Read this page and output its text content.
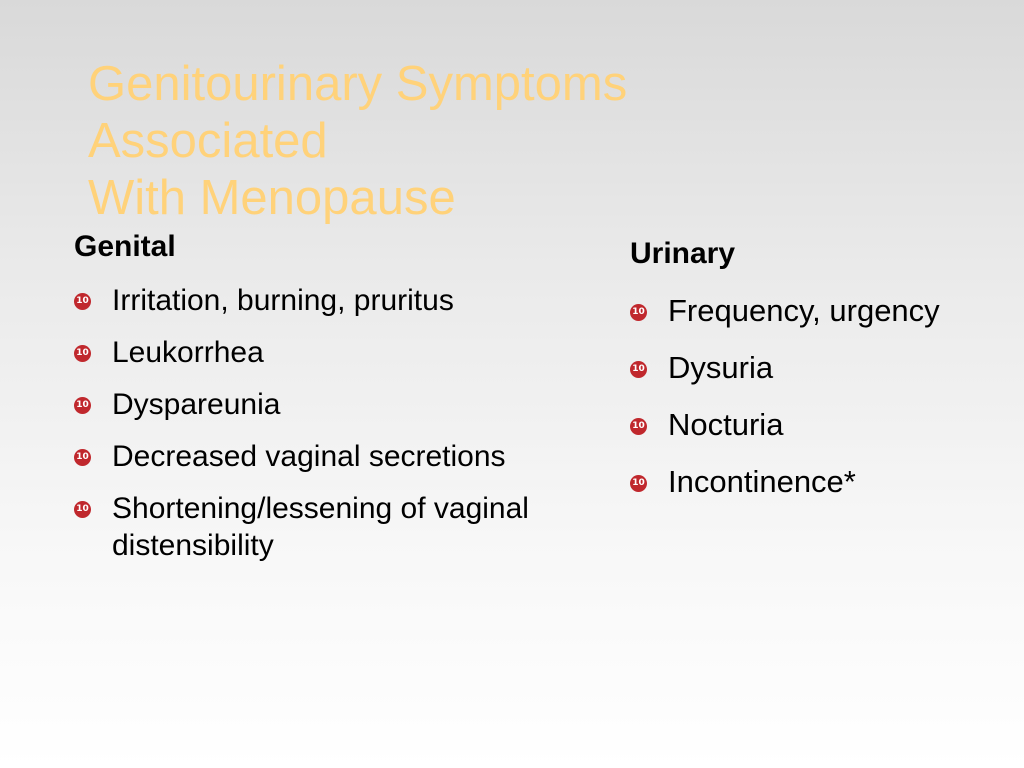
Genitourinary Symptoms
Associated
With Menopause
Genital
10 Irritation, burning, pruritus
10 Leukorrhea
10 Dyspareunia
10 Decreased vaginal secretions
10 Shortening/lessening of vaginal distensibility
Urinary
10 Frequency, urgency
10 Dysuria
10 Nocturia
10 Incontinence*
